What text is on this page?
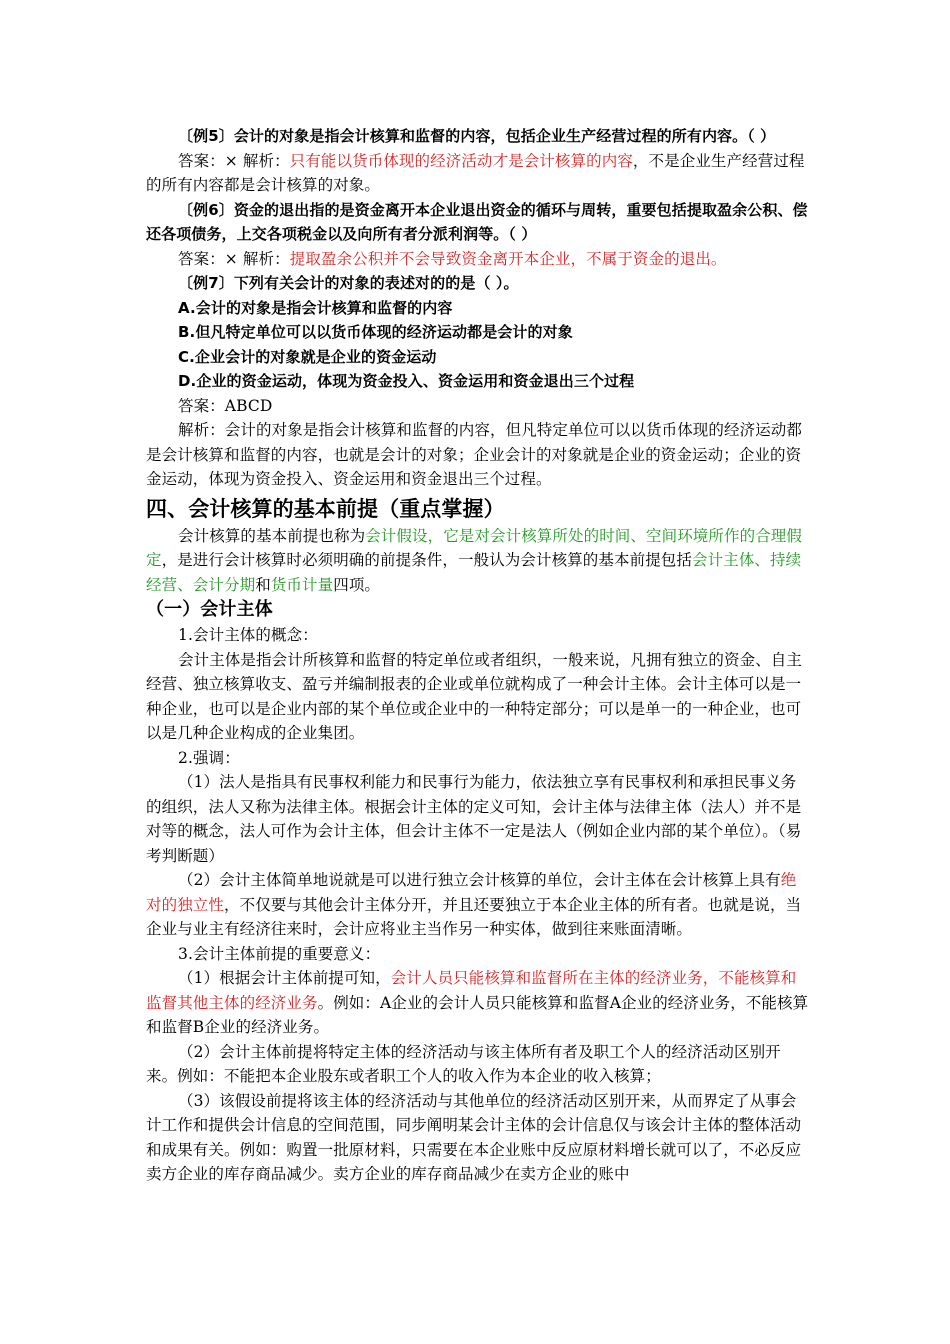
〔例5〕会计的对象是指会计核算和监督的内容，包括企业生产经营过程的所有内容。（ ）

答案：× 解析：只有能以货币体现的经济活动才是会计核算的内容，不是企业生产经营过程的所有内容都是会计核算的对象。

〔例6〕资金的退出指的是资金离开本企业退出资金的循环与周转，重要包括提取盈余公积、偿还各项债务，上交各项税金以及向所有者分派利润等。（ ）

答案：× 解析：提取盈余公积并不会导致资金离开本企业，不属于资金的退出。

〔例7〕下列有关会计的对象的表述对的的是（ ）。

A.会计的对象是指会计核算和监督的内容

B.但凡特定单位可以以货币体现的经济运动都是会计的对象

C.企业会计的对象就是企业的资金运动

D.企业的资金运动，体现为资金投入、资金运用和资金退出三个过程

答案：ABCD

解析：会计的对象是指会计核算和监督的内容，但凡特定单位可以以货币体现的经济运动都是会计核算和监督的内容，也就是会计的对象；企业会计的对象就是企业的资金运动；企业的资金运动，体现为资金投入、资金运用和资金退出三个过程。

四、会计核算的基本前提（重点掌握）

会计核算的基本前提也称为会计假设，它是对会计核算所处的时间、空间环境所作的合理假定，是进行会计核算时必须明确的前提条件，一般认为会计核算的基本前提包括会计主体、持续经营、会计分期和货币计量四项。

（一）会计主体

1.会计主体的概念：

会计主体是指会计所核算和监督的特定单位或者组织，一般来说，凡拥有独立的资金、自主经营、独立核算收支、盈亏并编制报表的企业或单位就构成了一种会计主体。会计主体可以是一种企业，也可以是企业内部的某个单位或企业中的一种特定部分；可以是单一的一种企业，也可以是几种企业构成的企业集团。

2.强调：

（1）法人是指具有民事权利能力和民事行为能力，依法独立享有民事权利和承担民事义务的组织，法人又称为法律主体。根据会计主体的定义可知，会计主体与法律主体（法人）并不是对等的概念，法人可作为会计主体，但会计主体不一定是法人（例如企业内部的某个单位）。（易考判断题）

（2）会计主体简单地说就是可以进行独立会计核算的单位，会计主体在会计核算上具有绝对的独立性，不仅要与其他会计主体分开，并且还要独立于本企业主体的所有者。也就是说，当企业与业主有经济往来时，会计应将业主当作另一种实体，做到往来账面清晰。

3.会计主体前提的重要意义：

（1）根据会计主体前提可知，会计人员只能核算和监督所在主体的经济业务，不能核算和监督其他主体的经济业务。例如：A企业的会计人员只能核算和监督A企业的经济业务，不能核算和监督B企业的经济业务。

（2）会计主体前提将特定主体的经济活动与该主体所有者及职工个人的经济活动区别开来。例如：不能把本企业股东或者职工个人的收入作为本企业的收入核算；

（3）该假设前提将该主体的经济活动与其他单位的经济活动区别开来，从而界定了从事会计工作和提供会计信息的空间范围，同步阐明某会计主体的会计信息仅与该会计主体的整体活动和成果有关。例如：购置一批原材料，只需要在本企业账中反应原材料增长就可以了，不必反应卖方企业的库存商品减少。卖方企业的库存商品减少在卖方企业的账中
